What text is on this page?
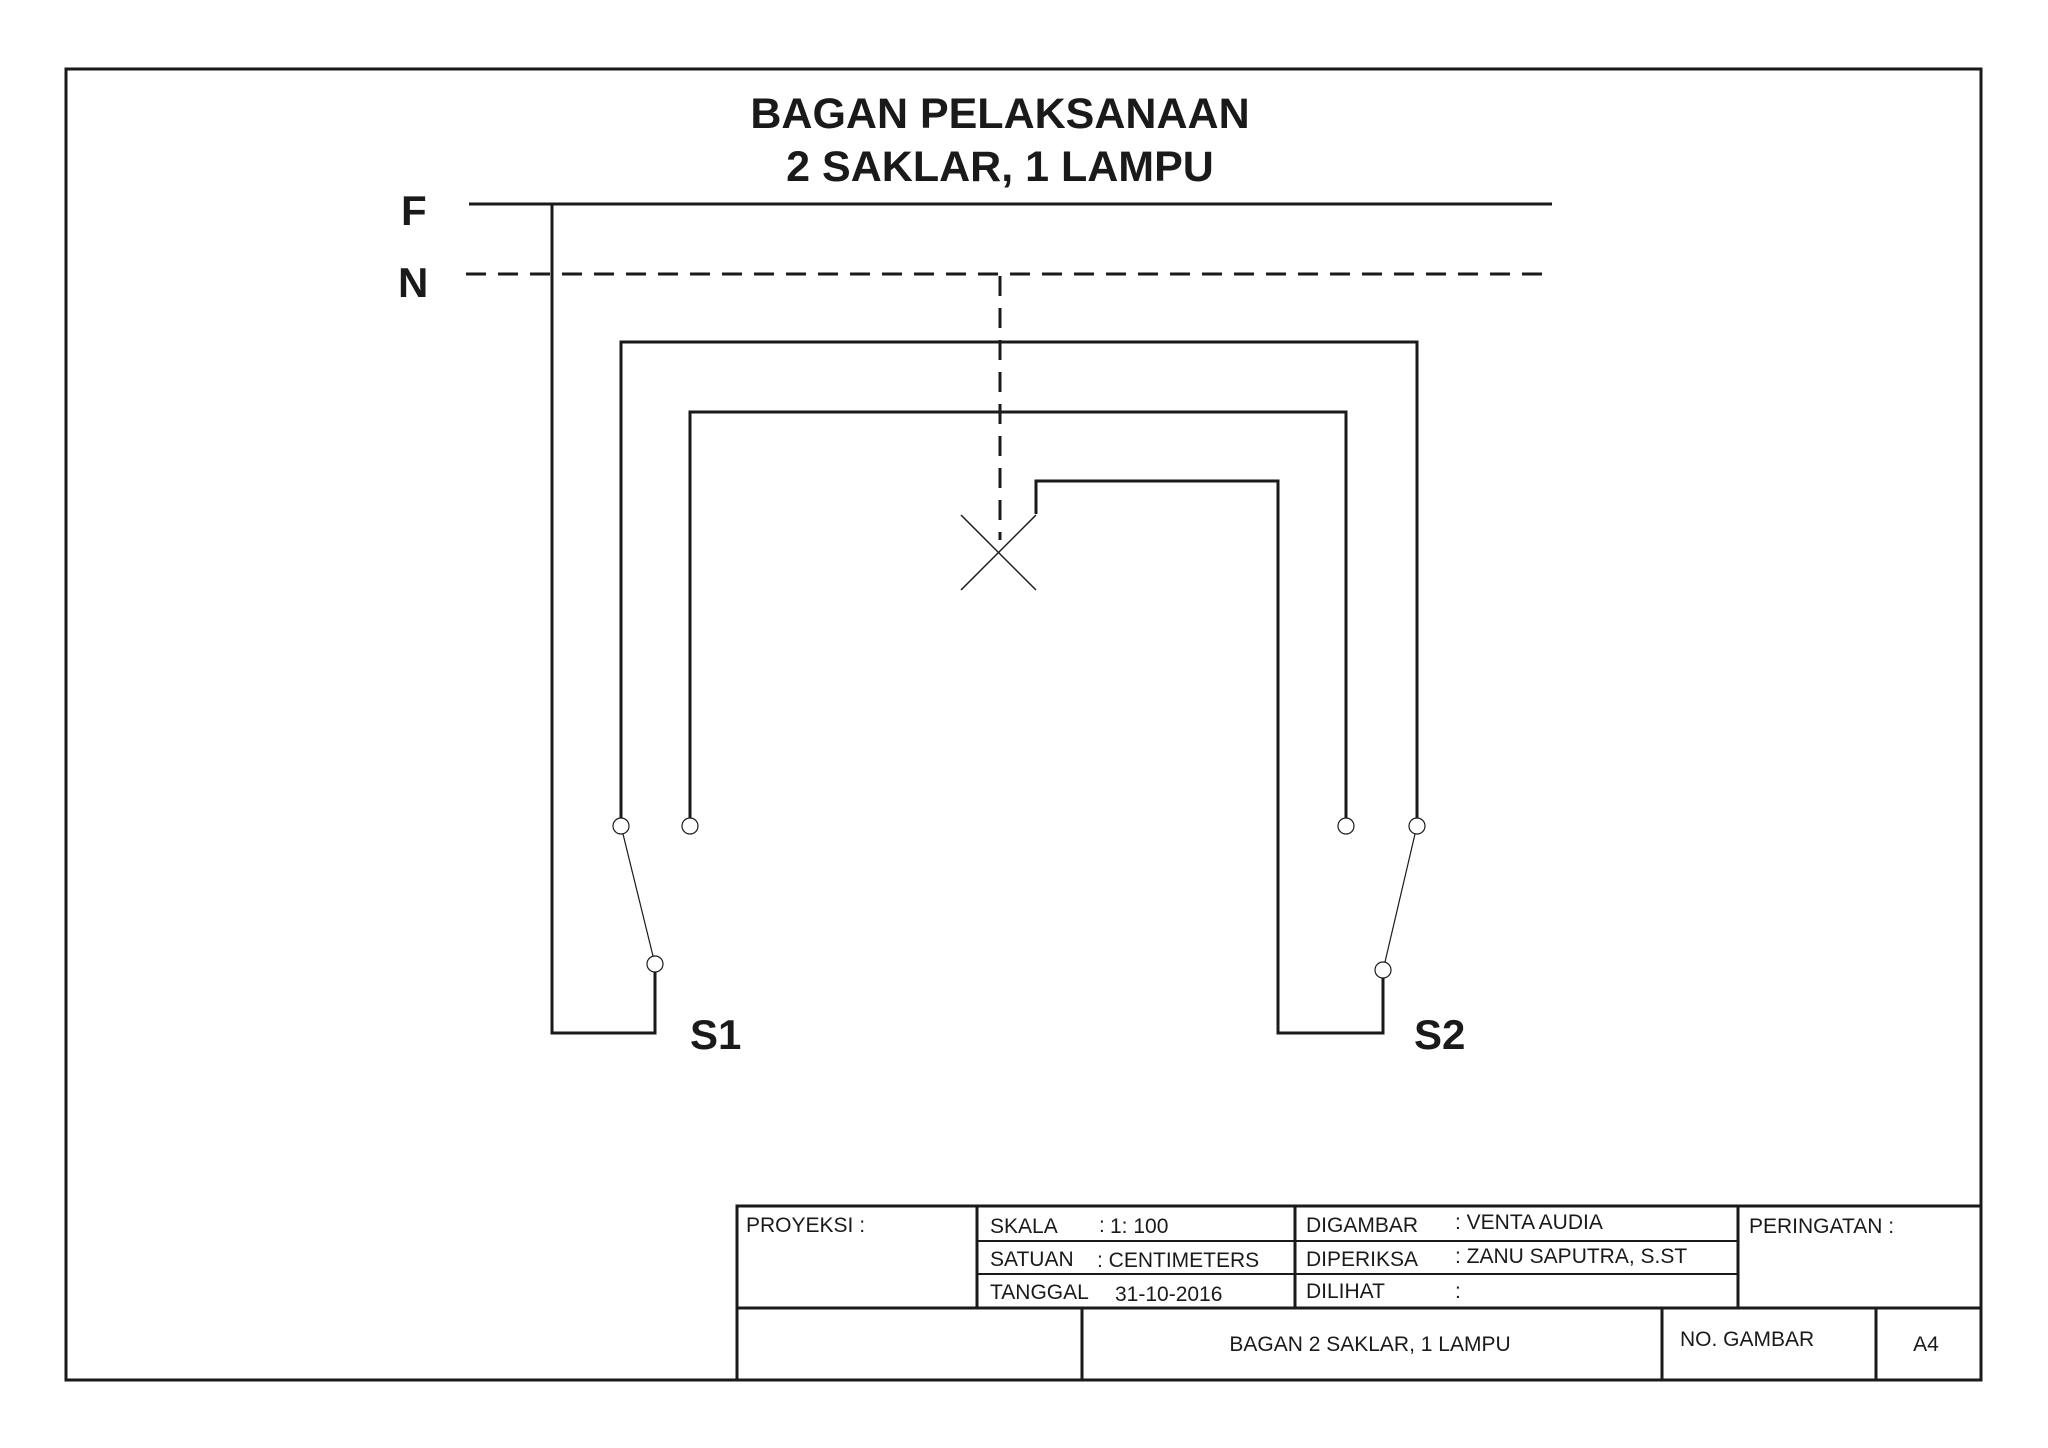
BAGAN PELAKSANAAN
2 SAKLAR, 1 LAMPU
F
N
S1	S2
PROYEKSI :	SKALA : 1: 100
SATUAN : CENTIMETERS
TANGGAL 31-10-2016
DIGAMBAR : VENTA AUDIA
DIPERIKSA : ZANU SAPUTRA, S.ST
DILIHAT	:
PERINGATAN :
BAGAN 2 SAKLAR, 1 LAMPU	NO. GAMBAR	A4
